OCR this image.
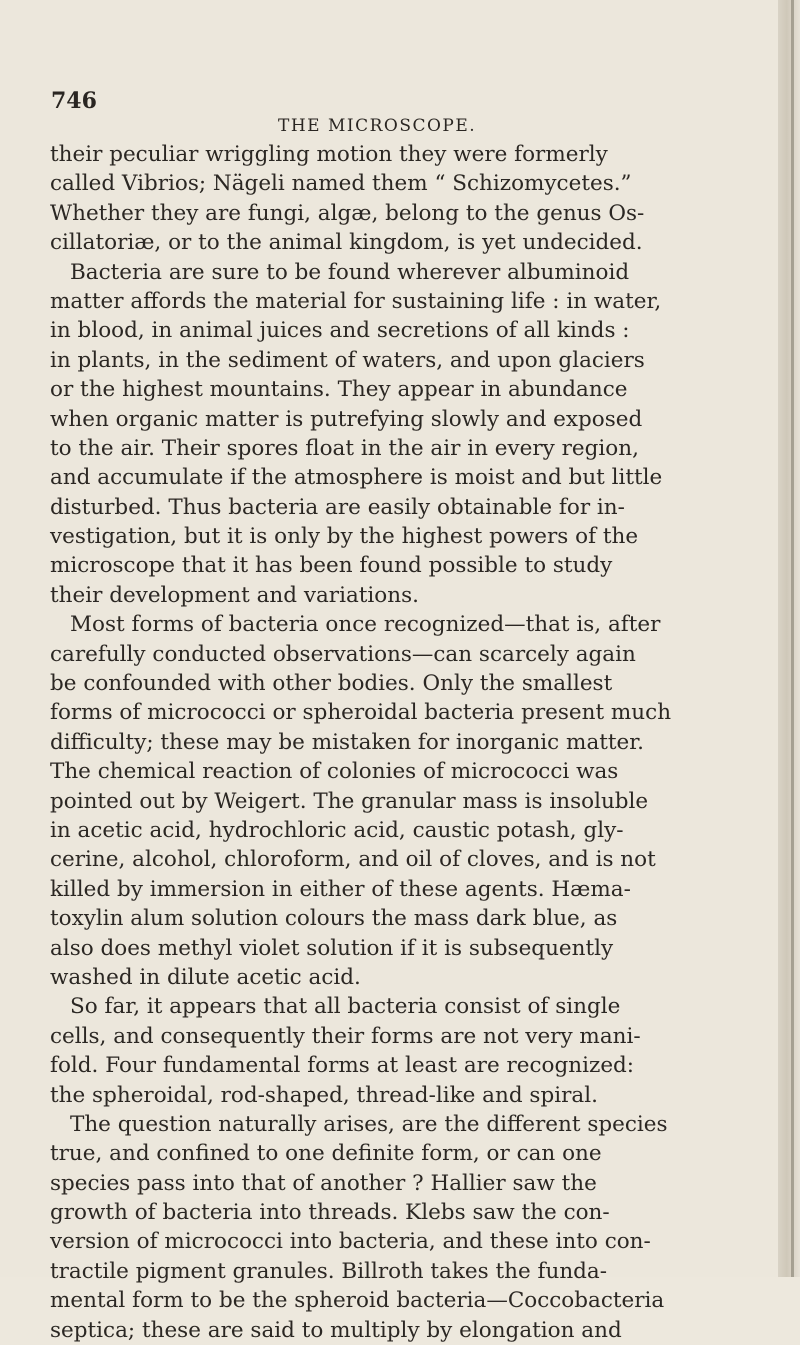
746
THE MICROSCOPE.
their peculiar wriggling motion they were formerly
called Vibrios; Nägeli named them “ Schizomycetes.”
Whether they are fungi, algæ, belong to the genus Os-
cillatoriæ, or to the animal kingdom, is yet undecided.
Bacteria are sure to be found wherever albuminoid
matter affords the material for sustaining life : in water,
in blood, in animal juices and secretions of all kinds :
in plants, in the sediment of waters, and upon glaciers
or the highest mountains. They appear in abundance
when organic matter is putrefying slowly and exposed
to the air. Their spores float in the air in every region,
and accumulate if the atmosphere is moist and but little
disturbed. Thus bacteria are easily obtainable for in-
vestigation, but it is only by the highest powers of the
microscope that it has been found possible to study
their development and variations.
Most forms of bacteria once recognized—that is, after
carefully conducted observations—can scarcely again
be confounded with other bodies. Only the smallest
forms of micrococci or spheroidal bacteria present much
difficulty; these may be mistaken for inorganic matter.
The chemical reaction of colonies of micrococci was
pointed out by Weigert. The granular mass is insoluble
in acetic acid, hydrochloric acid, caustic potash, gly-
cerine, alcohol, chloroform, and oil of cloves, and is not
killed by immersion in either of these agents. Hæma-
toxylin alum solution colours the mass dark blue, as
also does methyl violet solution if it is subsequently
washed in dilute acetic acid.
So far, it appears that all bacteria consist of single
cells, and consequently their forms are not very mani-
fold. Four fundamental forms at least are recognized:
the spheroidal, rod-shaped, thread-like and spiral.
The question naturally arises, are the different species
true, and confined to one definite form, or can one
species pass into that of another ? Hallier saw the
growth of bacteria into threads. Klebs saw the con-
version of micrococci into bacteria, and these into con-
tractile pigment granules. Billroth takes the funda-
mental form to be the spheroid bacteria—Coccobacteria
septica; these are said to multiply by elongation and
